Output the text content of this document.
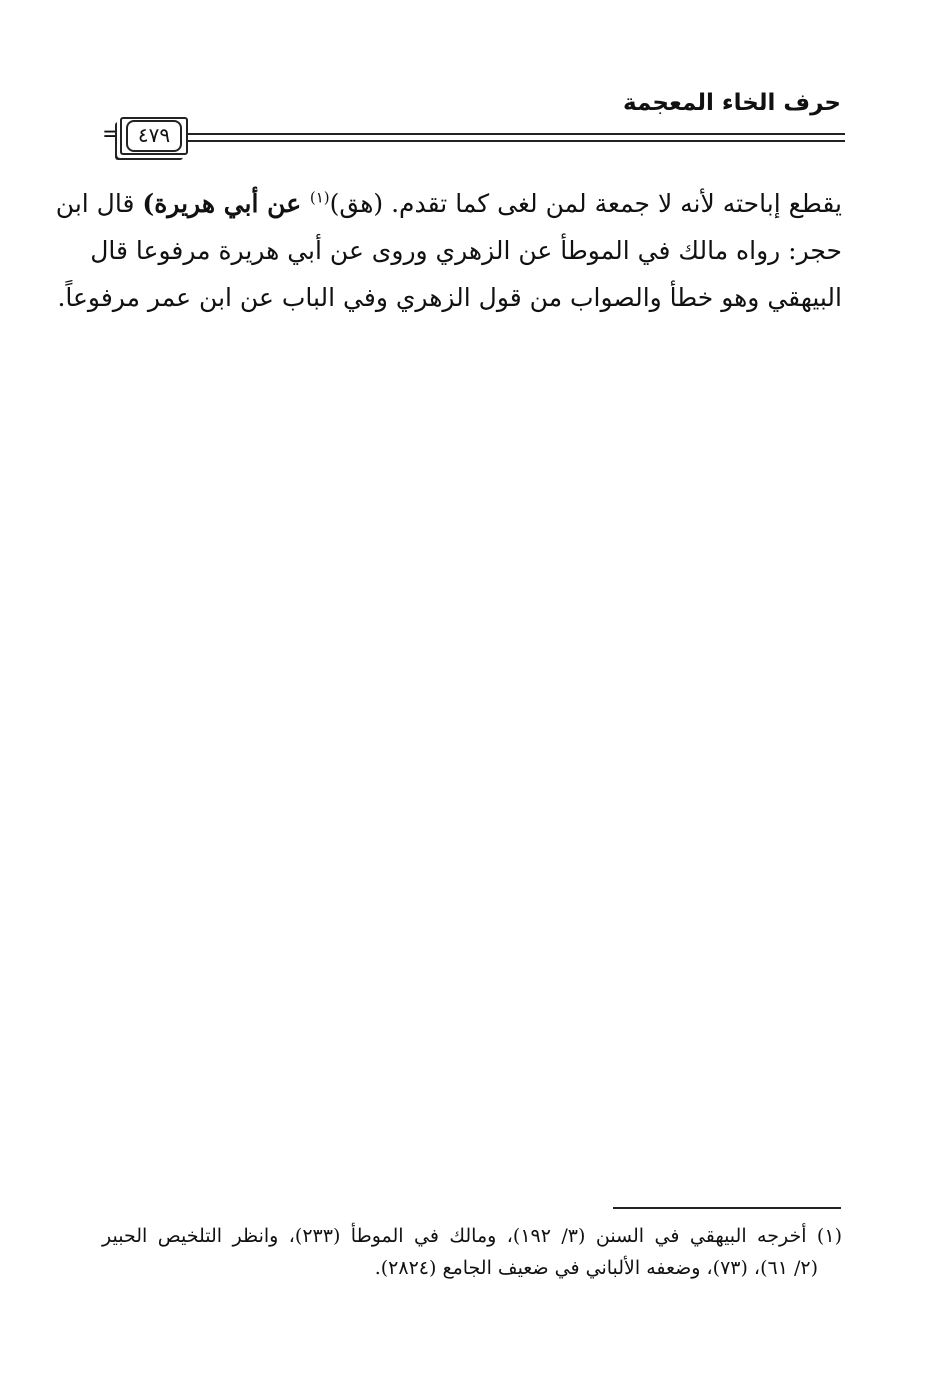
حرف الخاء المعجمة
= ٤٧٩
يقطع إباحته لأنه لا جمعة لمن لغى كما تقدم. (هق)$^{(١)}$ عن أبي هريرة) قال ابن
حجر: رواه مالك في الموطأ عن الزهري وروى عن أبي هريرة مرفوعا قال
البيهقي وهو خطأ والصواب من قول الزهري وفي الباب عن ابن عمر مرفوعاً.
(١) أخرجه البيهقي في السنن (٣/ ١٩٢)، ومالك في الموطأ (٢٣٣)، وانظر التلخيص الحبير
(٢/ ٦١)، (٧٣)، وضعفه الألباني في ضعيف الجامع (٢٨٢٤).
